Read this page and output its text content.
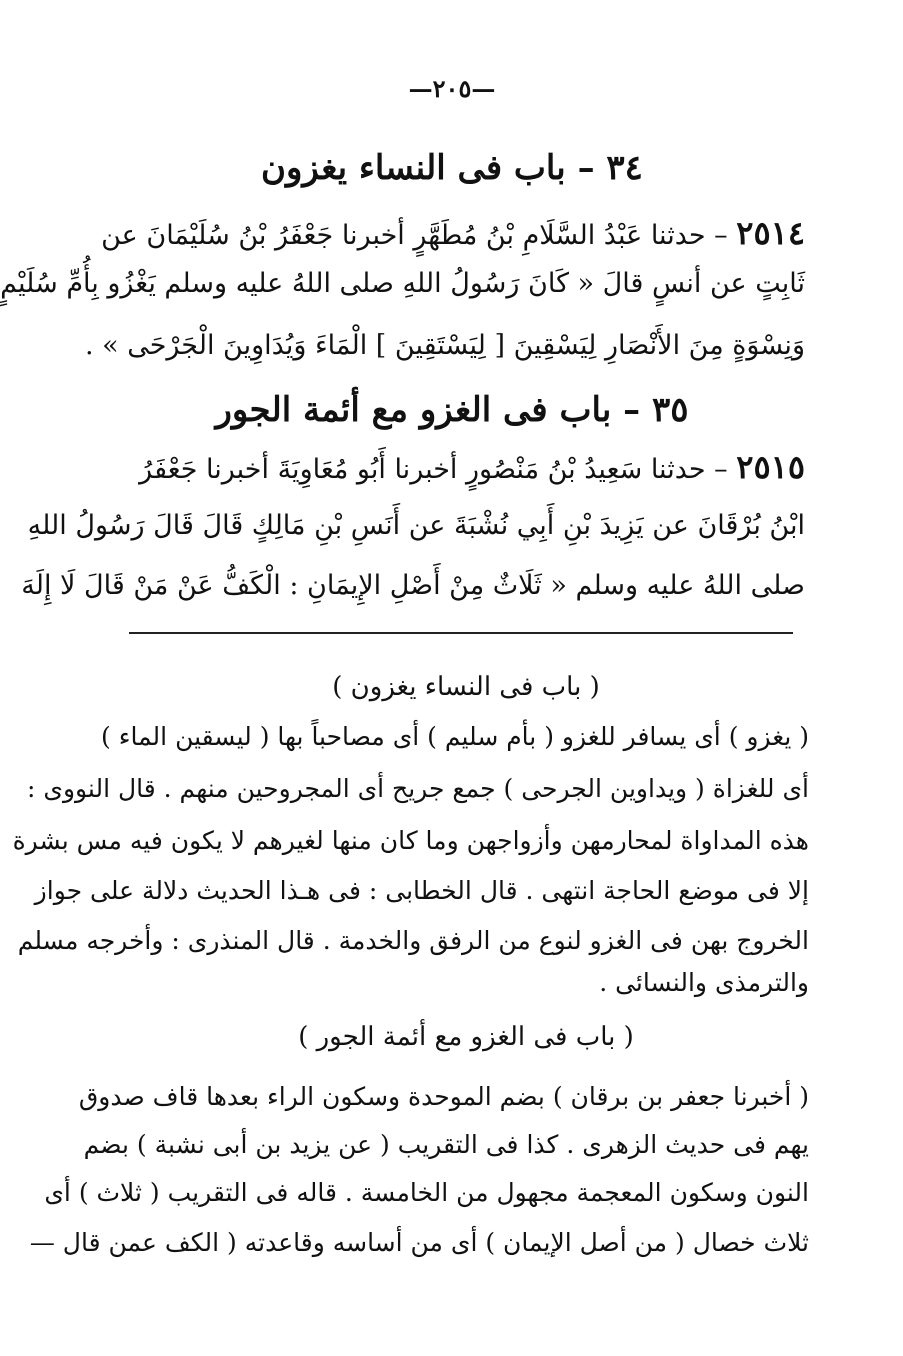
—٢٠٥—
٣٤ – باب فى النساء يغزون
٢٥١٤ – حدثنا عَبْدُ السَّلَامِ بْنُ مُطَهَّرٍ أخبرنا جَعْفَرُ بْنُ سُلَيْمَانَ عن
ثَابِتٍ عن أنسٍ قالَ « كَانَ رَسُولُ اللهِ صلى اللهُ عليه وسلم يَغْزُو بِأُمِّ سُلَيْمٍ
وَنِسْوَةٍ مِنَ الأَنْصَارِ لِيَسْقِينَ [ لِيَسْتَقِينَ ] الْمَاءَ وَيُدَاوِينَ الْجَرْحَى » .
٣٥ – باب فى الغزو مع أئمة الجور
٢٥١٥ – حدثنا سَعِيدُ بْنُ مَنْصُورٍ أخبرنا أَبُو مُعَاوِيَةَ أخبرنا جَعْفَرُ
ابْنُ بُرْقَانَ عن يَزِيدَ بْنِ أَبِي نُشْبَةَ عن أَنَسِ بْنِ مَالِكٍ قَالَ قَالَ رَسُولُ اللهِ
صلى اللهُ عليه وسلم « ثَلَاثٌ مِنْ أَصْلِ الإِيمَانِ : الْكَفُّ عَنْ مَنْ قَالَ لَا إِلَهَ
( باب فى النساء يغزون )
( يغزو ) أى يسافر للغزو ( بأم سليم ) أى مصاحباً بها ( ليسقين الماء )
أى للغزاة ( ويداوين الجرحى ) جمع جريح أى المجروحين منهم . قال النووى :
هذه المداواة لمحارمهن وأزواجهن وما كان منها لغيرهم لا يكون فيه مس بشرة
إلا فى موضع الحاجة انتهى . قال الخطابى : فى هـذا الحديث دلالة على جواز
الخروج بهن فى الغزو لنوع من الرفق والخدمة . قال المنذرى : وأخرجه مسلم
والترمذى والنسائى .
( باب فى الغزو مع أئمة الجور )
( أخبرنا جعفر بن برقان ) بضم الموحدة وسكون الراء بعدها قاف صدوق
يهم فى حديث الزهرى . كذا فى التقريب ( عن يزيد بن أبى نشبة ) بضم
النون وسكون المعجمة مجهول من الخامسة . قاله فى التقريب ( ثلاث ) أى
ثلاث خصال ( من أصل الإيمان ) أى من أساسه وقاعدته ( الكف عمن قال —
